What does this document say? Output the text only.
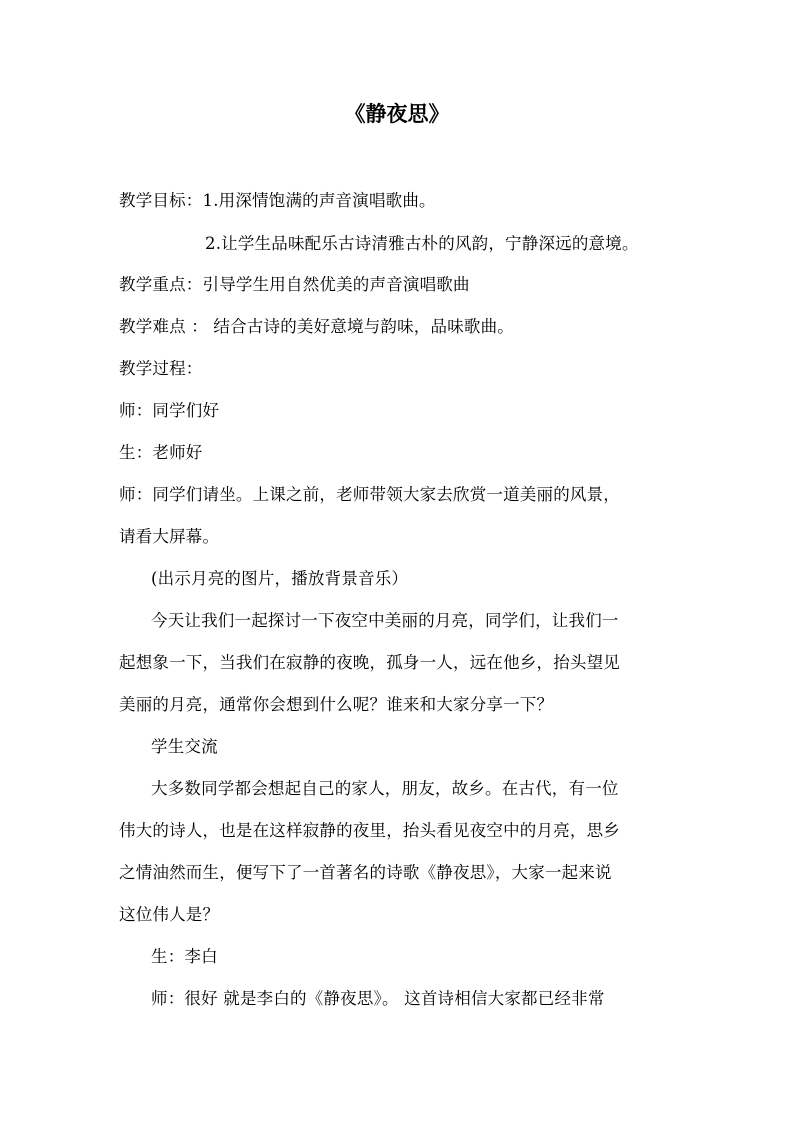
《静夜思》
教学目标：1.用深情饱满的声音演唱歌曲。
2.让学生品味配乐古诗清雅古朴的风韵，宁静深远的意境。
教学重点：引导学生用自然优美的声音演唱歌曲
教学难点 ： 结合古诗的美好意境与韵味，品味歌曲。
教学过程：
师：同学们好
生：老师好
师：同学们请坐。上课之前，老师带领大家去欣赏一道美丽的风景，
请看大屏幕。
(出示月亮的图片，播放背景音乐）
今天让我们一起探讨一下夜空中美丽的月亮，同学们，让我们一
起想象一下，当我们在寂静的夜晚，孤身一人，远在他乡，抬头望见
美丽的月亮，通常你会想到什么呢？谁来和大家分享一下？
学生交流
大多数同学都会想起自己的家人，朋友，故乡。在古代，有一位
伟大的诗人，也是在这样寂静的夜里，抬头看见夜空中的月亮，思乡
之情油然而生，便写下了一首著名的诗歌《静夜思》，大家一起来说
这位伟人是？
生：李白
师：很好 就是李白的《静夜思》。 这首诗相信大家都已经非常
